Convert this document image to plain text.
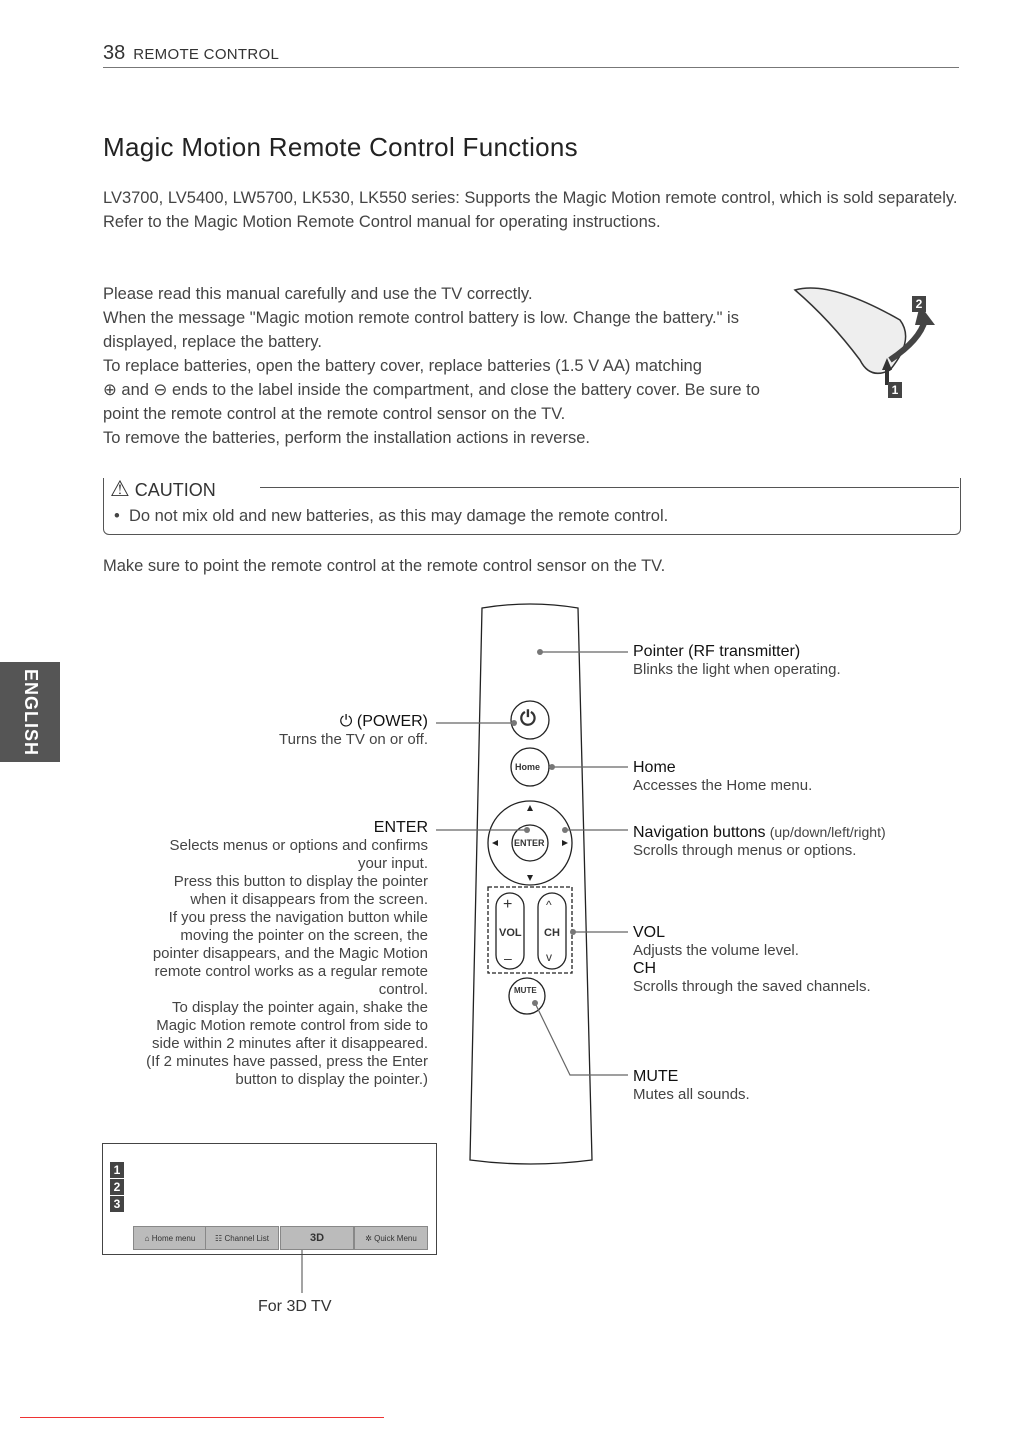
38 REMOTE CONTROL
Magic Motion Remote Control Functions
LV3700, LV5400, LW5700, LK530, LK550 series: Supports the Magic Motion remote control, which is sold separately. Refer to the Magic Motion Remote Control manual for operating instructions.
Please read this manual carefully and use the TV correctly.
When the message "Magic motion remote control battery is low. Change the battery." is displayed, replace the battery.
To replace batteries, open the battery cover, replace batteries (1.5 V AA) matching
⊕ and ⊖ ends to the label inside the compartment, and close the battery cover. Be sure to point the remote control at the remote control sensor on the TV.
To remove the batteries, perform the installation actions in reverse.
2
1
⚠ CAUTION
•  Do not mix old and new batteries, as this may damage the remote control.
Make sure to point the remote control at the remote control sensor on the TV.
ENGLISH	⏻
Home
ENTER
+
VOL
–
^
CH
v
MUTE
⏻ (POWER)
Turns the TV on or off.
ENTER
Selects menus or options and confirms your input.
Press this button to display the pointer when it disappears from the screen.
If you press the navigation button while moving the pointer on the screen, the pointer disappears, and the Magic Motion remote control works as a regular remote control.
To display the pointer again, shake the Magic Motion remote control from side to side within 2 minutes after it disappeared. (If 2 minutes have passed, press the Enter button to display the pointer.)
Pointer (RF transmitter)
Blinks the light when operating.
Home
Accesses the Home menu.
Navigation buttons (up/down/left/right)
Scrolls through menus or options.
VOL
Adjusts the volume level.
CH
Scrolls through the saved channels.
MUTE
Mutes all sounds.
1
2
3
⌂
Home menu ☷
Channel List	3D	✲
Quick Menu
For 3D TV
